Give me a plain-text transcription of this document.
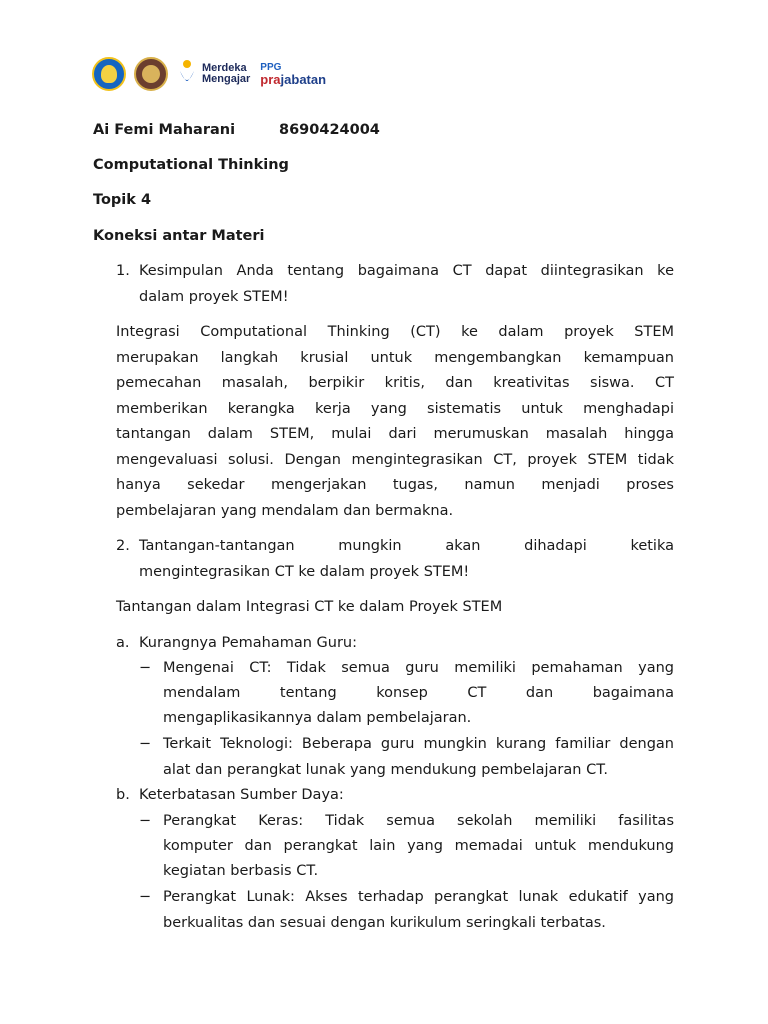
Merdeka
Mengajar
PPG
prajabatan
Ai Femi Maharani	8690424004
Computational Thinking
Topik 4
Koneksi antar Materi
1. Kesimpulan Anda tentang bagaimana CT dapat diintegrasikan ke
dalam proyek STEM!
Integrasi Computational Thinking (CT) ke dalam proyek STEM
merupakan langkah krusial untuk mengembangkan kemampuan
pemecahan masalah, berpikir kritis, dan kreativitas siswa. CT
memberikan kerangka kerja yang sistematis untuk menghadapi
tantangan dalam STEM, mulai dari merumuskan masalah hingga
mengevaluasi solusi. Dengan mengintegrasikan CT, proyek STEM tidak
hanya sekedar mengerjakan tugas, namun menjadi proses
pembelajaran yang mendalam dan bermakna.
2. Tantangan-tantangan mungkin akan dihadapi ketika
mengintegrasikan CT ke dalam proyek STEM!
Tantangan dalam Integrasi CT ke dalam Proyek STEM
a. Kurangnya Pemahaman Guru:
− Mengenai CT: Tidak semua guru memiliki pemahaman yang
mendalam tentang konsep CT dan bagaimana
mengaplikasikannya dalam pembelajaran.
− Terkait Teknologi: Beberapa guru mungkin kurang familiar dengan
alat dan perangkat lunak yang mendukung pembelajaran CT.
b. Keterbatasan Sumber Daya:
− Perangkat Keras: Tidak semua sekolah memiliki fasilitas
komputer dan perangkat lain yang memadai untuk mendukung
kegiatan berbasis CT.
− Perangkat Lunak: Akses terhadap perangkat lunak edukatif yang
berkualitas dan sesuai dengan kurikulum seringkali terbatas.
